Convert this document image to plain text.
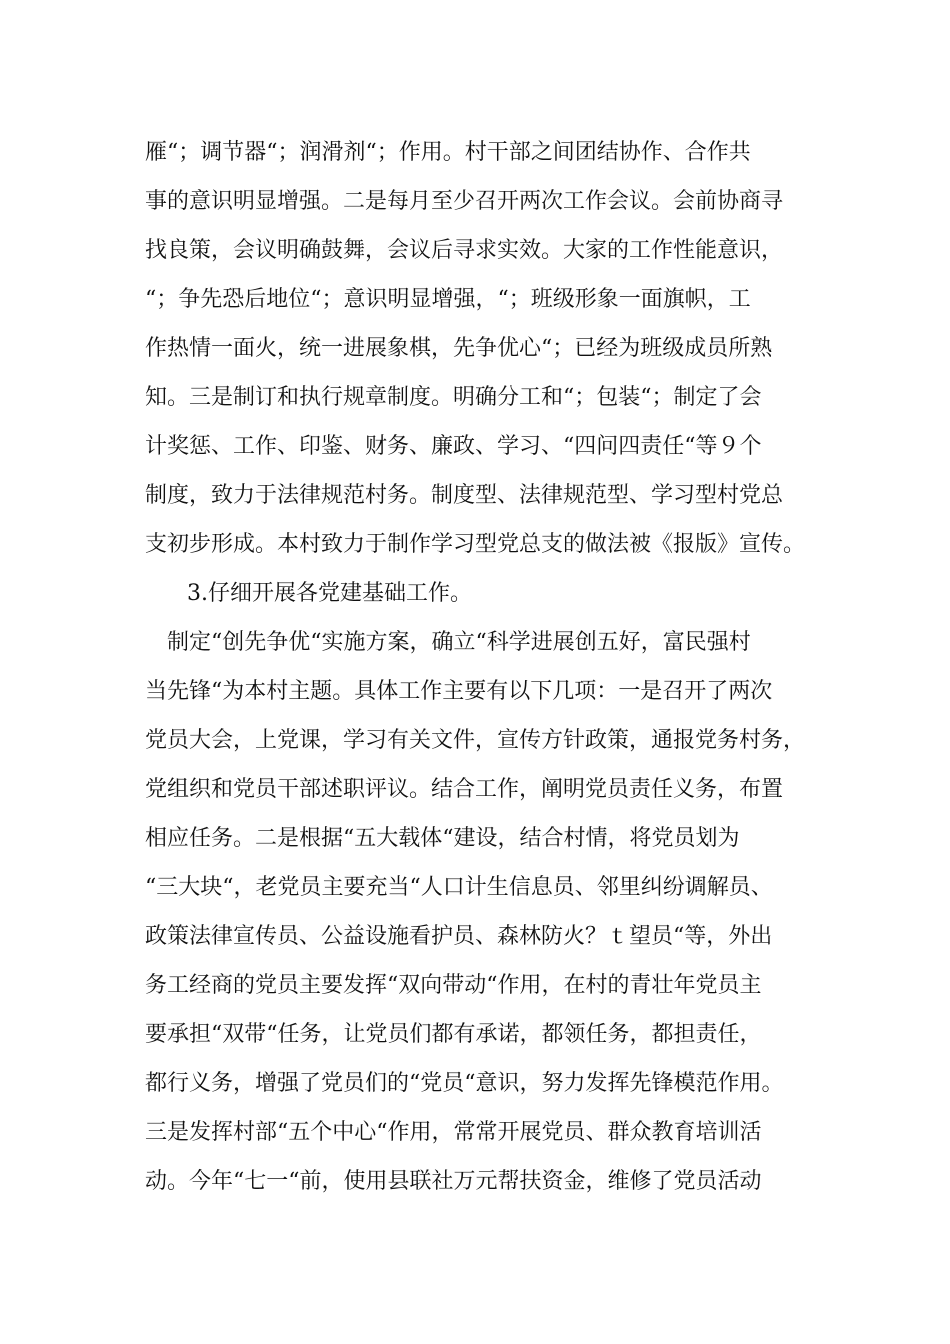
雁“；调节器“；润滑剂“；作用。村干部之间团结协作、合作共
事的意识明显增强。二是每月至少召开两次工作会议。会前协商寻
找良策，会议明确鼓舞，会议后寻求实效。大家的工作性能意识，
“；争先恐后地位“；意识明显增强，“；班级形象一面旗帜，工
作热情一面火，统一进展象棋，先争优心“；已经为班级成员所熟
知。三是制订和执行规章制度。明确分工和“；包装“；制定了会
计奖惩、工作、印鉴、财务、廉政、学习、“四问四责任“等９个
制度，致力于法律规范村务。制度型、法律规范型、学习型村党总
支初步形成。本村致力于制作学习型党总支的做法被《报版》宣传。
3.仔细开展各党建基础工作。
制定“创先争优“实施方案，确立“科学进展创五好，富民强村
当先锋“为本村主题。具体工作主要有以下几项：一是召开了两次
党员大会，上党课，学习有关文件，宣传方针政策，通报党务村务，
党组织和党员干部述职评议。结合工作，阐明党员责任义务，布置
相应任务。二是根据“五大载体“建设，结合村情，将党员划为
“三大块“，老党员主要充当“人口计生信息员、邻里纠纷调解员、
政策法律宣传员、公益设施看护员、森林防火？ｔ望员“等，外出
务工经商的党员主要发挥“双向带动“作用，在村的青壮年党员主
要承担“双带“任务，让党员们都有承诺，都领任务，都担责任，
都行义务，增强了党员们的“党员“意识，努力发挥先锋模范作用。
三是发挥村部“五个中心“作用，常常开展党员、群众教育培训活
动。今年“七一“前，使用县联社万元帮扶资金，维修了党员活动
